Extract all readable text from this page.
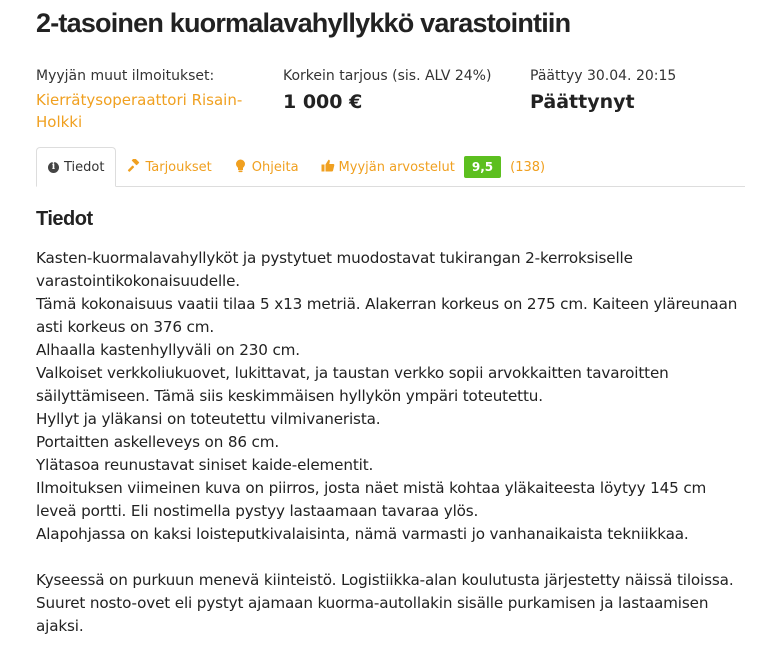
2-tasoinen kuormalavahyllykkö varastointiin
Myyjän muut ilmoitukset:
Kierrätysoperaattori Risain-Holkki
Korkein tarjous (sis. ALV 24%)
1 000 €
Päättyy 30.04. 20:15
Päättynyt
i Tiedot	Tarjoukset	Ohjeita	Myyjän arvostelut	9,5	(138)
Tiedot

Kasten-kuormalavahyllyköt ja pystytuet muodostavat tukirangan 2-kerroksiselle varastointikokonaisuudelle.

Tämä kokonaisuus vaatii tilaa 5 x13 metriä. Alakerran korkeus on 275 cm. Kaiteen yläreunaan asti korkeus on 376 cm.

Alhaalla kastenhyllyväli on 230 cm.

Valkoiset verkkoliukuovet, lukittavat, ja taustan verkko sopii arvokkaitten tavaroitten säilyttämiseen. Tämä siis keskimmäisen hyllykön ympäri toteutettu.

Hyllyt ja yläkansi on toteutettu vilmivanerista.

Portaitten askelleveys on 86 cm.

Ylätasoa reunustavat siniset kaide-elementit.

Ilmoituksen viimeinen kuva on piirros, josta näet mistä kohtaa yläkaiteesta löytyy 145 cm leveä portti. Eli nostimella pystyy lastaamaan tavaraa ylös.

Alapohjassa on kaksi loisteputkivalaisinta, nämä varmasti jo vanhanaikaista tekniikkaa.

Kyseessä on purkuun menevä kiinteistö. Logistiikka-alan koulutusta järjestetty näissä tiloissa. Suuret nosto-ovet eli pystyt ajamaan kuorma-autollakin sisälle purkamisen ja lastaamisen ajaksi.
